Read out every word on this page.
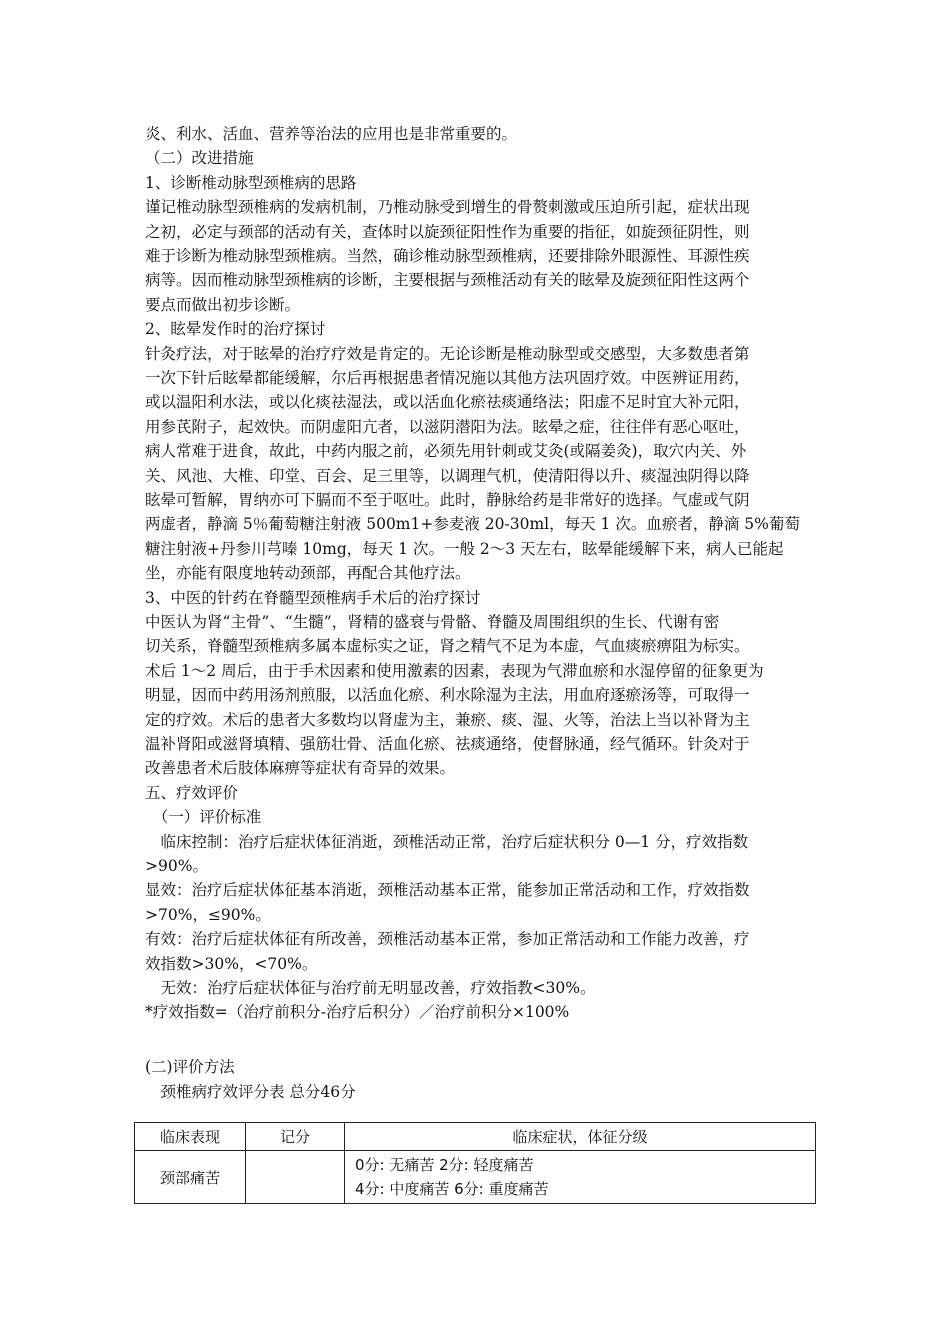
炎、利水、活血、营养等治法的应用也是非常重要的。
（二）改进措施
1、诊断椎动脉型颈椎病的思路
谨记椎动脉型颈椎病的发病机制，乃椎动脉受到增生的骨赘刺激或压迫所引起，症状出现
之初，必定与颈部的活动有关，查体时以旋颈征阳性作为重要的指征，如旋颈征阴性，则
难于诊断为椎动脉型颈椎病。当然，确诊椎动脉型颈椎病，还要排除外眼源性、耳源性疾
病等。因而椎动脉型颈椎病的诊断，主要根据与颈椎活动有关的眩晕及旋颈征阳性这两个
要点而做出初步诊断。
2、眩晕发作时的治疗探讨
针灸疗法，对于眩晕的治疗疗效是肯定的。无论诊断是椎动脉型或交感型，大多数患者第
一次下针后眩晕都能缓解，尔后再根据患者情况施以其他方法巩固疗效。中医辨证用药，
或以温阳利水法，或以化痰祛湿法，或以活血化瘀祛痰通络法；阳虚不足时宜大补元阳，
用参芪附子，起效快。而阴虚阳亢者，以滋阴潜阳为法。眩晕之症，往往伴有恶心呕吐，
病人常难于进食，故此，中药内服之前，必须先用针刺或艾灸(或隔姜灸)，取穴内关、外
关、风池、大椎、印堂、百会、足三里等，以调理气机，使清阳得以升、痰湿浊阴得以降
眩晕可暂解，胃纳亦可下膈而不至于呕吐。此时，静脉给药是非常好的选择。气虚或气阴
两虚者，静滴 5％葡萄糖注射液 500m1+参麦液 20-30ml，每天 1 次。血瘀者，静滴 5%葡萄
糖注射液+丹参川芎嗪 10mg，每天 1 次。一般 2～3 天左右，眩晕能缓解下来，病人已能起
坐，亦能有限度地转动颈部，再配合其他疗法。
3、中医的针药在脊髓型颈椎病手术后的治疗探讨
中医认为肾“主骨”、“生髓”，肾精的盛衰与骨骼、脊髓及周围组织的生长、代谢有密
切关系，脊髓型颈椎病多属本虚标实之证，肾之精气不足为本虚，气血痰瘀痹阻为标实。
术后 1～2 周后，由于手术因素和使用激素的因素，表现为气滞血瘀和水湿停留的征象更为
明显，因而中药用汤剂煎服，以活血化瘀、利水除湿为主法，用血府逐瘀汤等，可取得一
定的疗效。术后的患者大多数均以肾虚为主，兼瘀、痰、湿、火等，治法上当以补肾为主
温补肾阳或滋肾填精、强筋壮骨、活血化瘀、祛痰通络，使督脉通，经气循环。针灸对于
改善患者术后肢体麻痹等症状有奇异的效果。
五、疗效评价
　（一）评价标准
　临床控制：治疗后症状体征消逝，颈椎活动正常，治疗后症状积分 0—1 分，疗效指数
>90%。
显效：治疗后症状体征基本消逝，颈椎活动基本正常，能参加正常活动和工作，疗效指数
>70%，≤90%。
有效：治疗后症状体征有所改善，颈椎活动基本正常，参加正常活动和工作能力改善，疗
效指数>30%，<70%。
　无效：治疗后症状体征与治疗前无明显改善，疗效指教<30%。
*疗效指数=（治疗前积分-治疗后积分）／治疗前积分×100%
(二)评价方法
　颈椎病疗效评分表 总分46分
临床表现	记分	临床症状，体征分级
颈部痛苦		0分: 无痛苦 2分: 轻度痛苦
4分: 中度痛苦 6分: 重度痛苦
